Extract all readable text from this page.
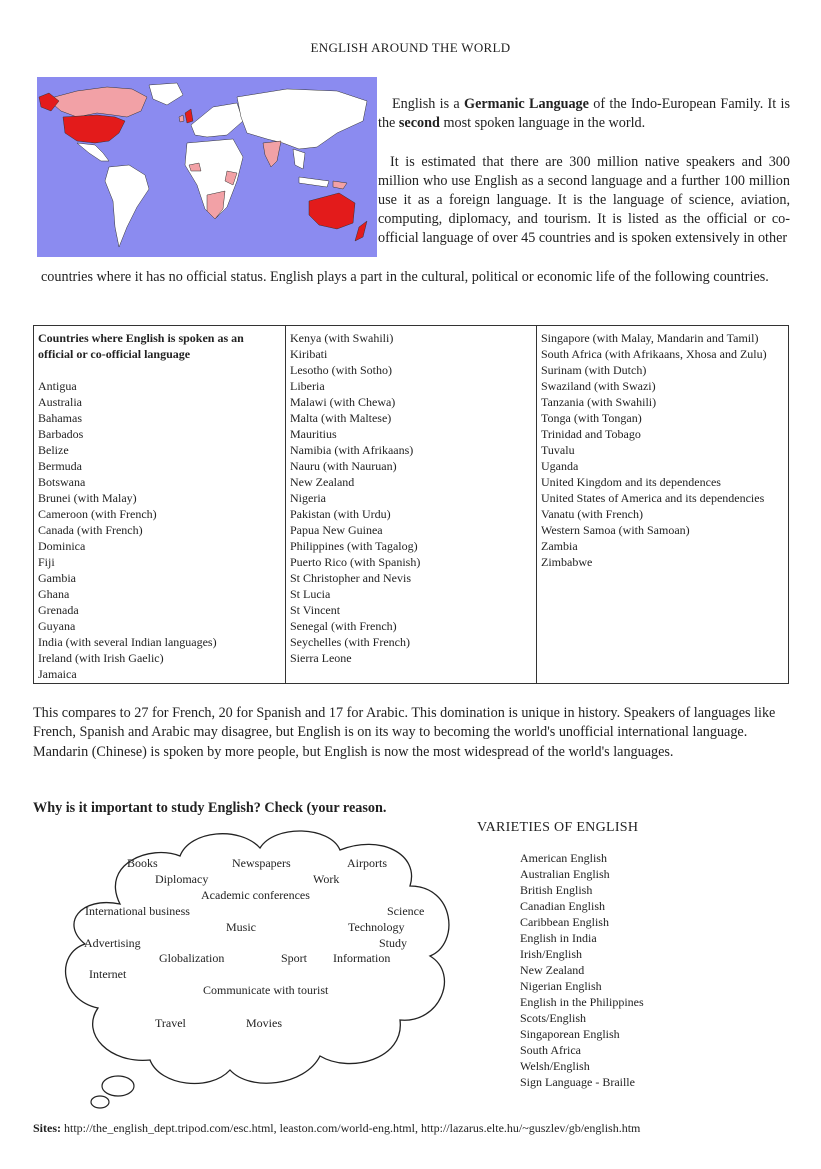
ENGLISH AROUND THE WORLD
English is a Germanic Language of the Indo-European Family. It is the second most spoken language in the world.
It is estimated that there are 300 million native speakers and 300 million who use English as a second language and a further 100 million use it as a foreign language. It is the language of science, aviation, computing, diplomacy, and tourism. It is listed as the official or co-official language of over 45 countries and is spoken extensively in other
countries where it has no official status. English plays a part in the cultural, political or economic life of the following countries.
Countries where English is spoken as an official or co-official language
Antigua
Australia
Bahamas
Barbados
Belize
Bermuda
Botswana
Brunei (with Malay)
Cameroon (with French)
Canada (with French)
Dominica
Fiji
Gambia
Ghana
Grenada
Guyana
India (with several Indian languages)
Ireland (with Irish Gaelic)
Jamaica
Kenya (with Swahili)
Kiribati
Lesotho (with Sotho)
Liberia
Malawi (with Chewa)
Malta (with Maltese)
Mauritius
Namibia (with Afrikaans)
Nauru (with Nauruan)
New Zealand
Nigeria
Pakistan (with Urdu)
Papua New Guinea
Philippines (with Tagalog)
Puerto Rico (with Spanish)
St Christopher and Nevis
St Lucia
St Vincent
Senegal (with French)
Seychelles (with French)
Sierra Leone
Singapore (with Malay, Mandarin and Tamil)
South Africa (with Afrikaans, Xhosa and Zulu)
Surinam (with Dutch)
Swaziland (with Swazi)
Tanzania (with Swahili)
Tonga (with Tongan)
Trinidad and Tobago
Tuvalu
Uganda
United Kingdom and its dependences
United States of America and its dependencies
Vanatu (with French)
Western Samoa (with Samoan)
Zambia
Zimbabwe
This compares to 27 for French, 20 for Spanish and 17 for Arabic. This domination is unique in history. Speakers of languages like French, Spanish and Arabic may disagree, but English is on its way to becoming the world's unofficial international language. Mandarin (Chinese) is spoken by more people, but English is now the most widespread of the world's languages.
Why is it important to study English? Check (your reason.
Books	Newspapers	Airports
Diplomacy	Work
Academic conferences
International business	Science
Music	Technology
Advertising	Study
Globalization	Sport Information
Internet
Communicate with tourist
Travel	Movies
VARIETIES OF ENGLISH
American English
Australian English
British English
Canadian English
Caribbean English
English in India
Irish/English
New Zealand
Nigerian English
English in the Philippines
Scots/English
Singaporean English
South Africa
Welsh/English
Sign Language - Braille
Sites: http://the_english_dept.tripod.com/esc.html, leaston.com/world-eng.html, http://lazarus.elte.hu/~guszlev/gb/english.htm
